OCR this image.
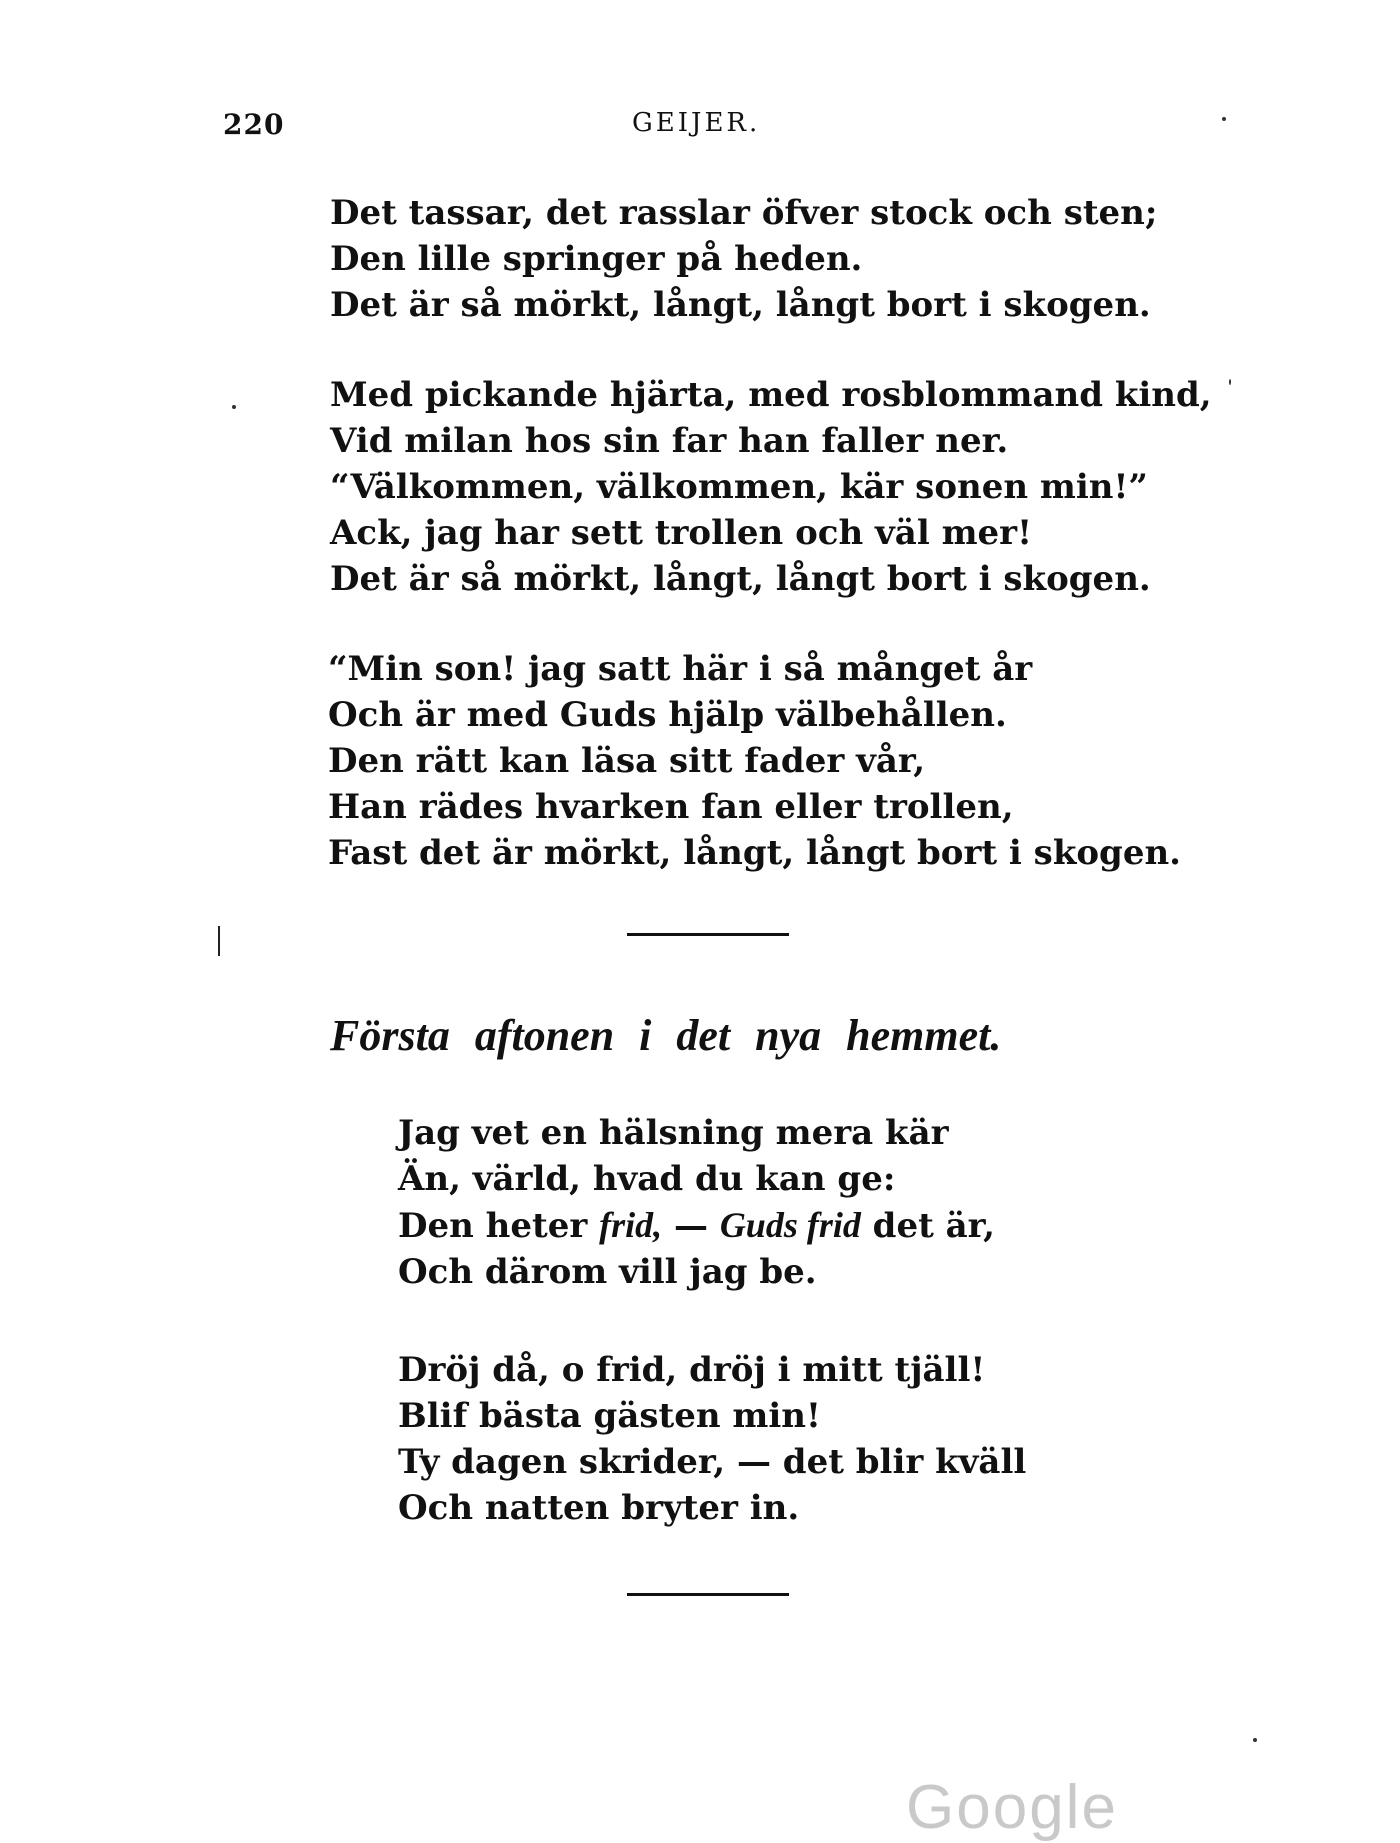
220	GEIJER.
Det tassar, det rasslar öfver stock och sten;
Den lille springer på heden.
Det är så mörkt, långt, långt bort i skogen.
Med pickande hjärta, med rosblommand kind,
Vid milan hos sin far han faller ner.
“Välkommen, välkommen, kär sonen min!”
Ack, jag har sett trollen och väl mer!
Det är så mörkt, långt, långt bort i skogen.
“Min son! jag satt här i så månget år
Och är med Guds hjälp välbehållen.
Den rätt kan läsa sitt fader vår,
Han rädes hvarken fan eller trollen,
Fast det är mörkt, långt, långt bort i skogen.
Första aftonen i det nya hemmet.
Jag vet en hälsning mera kär
Än, värld, hvad du kan ge:
Den heter frid, — Guds frid det är,
Och därom vill jag be.
Dröj då, o frid, dröj i mitt tjäll!
Blif bästa gästen min!
Ty dagen skrider, — det blir kväll
Och natten bryter in.
Google
